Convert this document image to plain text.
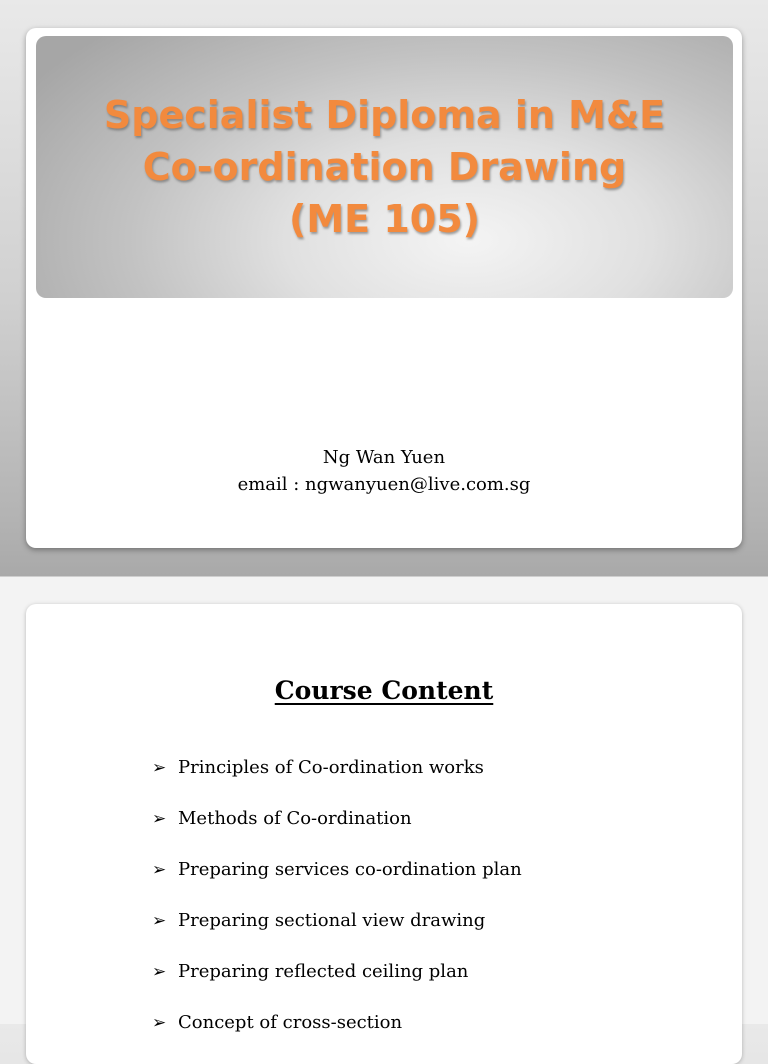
Specialist Diploma in M&E
Co-ordination Drawing
(ME 105)
Ng Wan Yuen
email : ngwanyuen@live.com.sg
Course Content
➢ Principles of Co-ordination works
➢ Methods of Co-ordination
➢ Preparing services co-ordination plan
➢ Preparing sectional view drawing
➢ Preparing reflected ceiling plan
➢ Concept of cross-section
